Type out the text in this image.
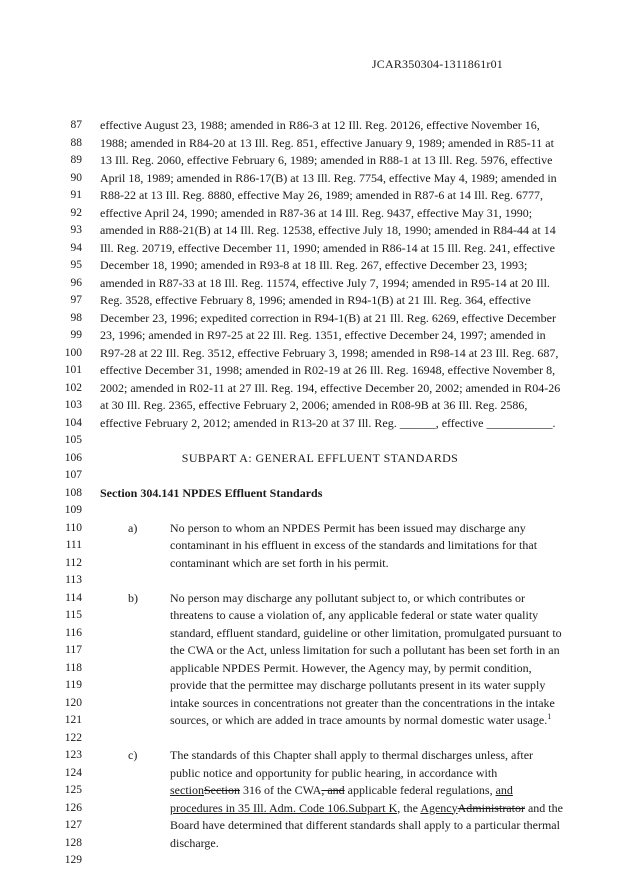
JCAR350304-1311861r01
87 effective August 23, 1988; amended in R86-3 at 12 Ill. Reg. 20126, effective November 16,
88 1988; amended in R84-20 at 13 Ill. Reg. 851, effective January 9, 1989; amended in R85-11 at
89 13 Ill. Reg. 2060, effective February 6, 1989; amended in R88-1 at 13 Ill. Reg. 5976, effective
90 April 18, 1989; amended in R86-17(B) at 13 Ill. Reg. 7754, effective May 4, 1989; amended in
91 R88-22 at 13 Ill. Reg. 8880, effective May 26, 1989; amended in R87-6 at 14 Ill. Reg. 6777,
92 effective April 24, 1990; amended in R87-36 at 14 Ill. Reg. 9437, effective May 31, 1990;
93 amended in R88-21(B) at 14 Ill. Reg. 12538, effective July 18, 1990; amended in R84-44 at 14
94 Ill. Reg. 20719, effective December 11, 1990; amended in R86-14 at 15 Ill. Reg. 241, effective
95 December 18, 1990; amended in R93-8 at 18 Ill. Reg. 267, effective December 23, 1993;
96 amended in R87-33 at 18 Ill. Reg. 11574, effective July 7, 1994; amended in R95-14 at 20 Ill.
97 Reg. 3528, effective February 8, 1996; amended in R94-1(B) at 21 Ill. Reg. 364, effective
98 December 23, 1996; expedited correction in R94-1(B) at 21 Ill. Reg. 6269, effective December
99 23, 1996; amended in R97-25 at 22 Ill. Reg. 1351, effective December 24, 1997; amended in
100 R97-28 at 22 Ill. Reg. 3512, effective February 3, 1998; amended in R98-14 at 23 Ill. Reg. 687,
101 effective December 31, 1998; amended in R02-19 at 26 Ill. Reg. 16948, effective November 8,
102 2002; amended in R02-11 at 27 Ill. Reg. 194, effective December 20, 2002; amended in R04-26
103 at 30 Ill. Reg. 2365, effective February 2, 2006; amended in R08-9B at 36 Ill. Reg. 2586,
104 effective February 2, 2012; amended in R13-20 at 37 Ill. Reg. ______, effective ___________.
105
106	SUBPART A: GENERAL EFFLUENT STANDARDS
107
108 Section 304.141 NPDES Effluent Standards
109
110	a)	No person to whom an NPDES Permit has been issued may discharge any
111	contaminant in his effluent in excess of the standards and limitations for that
112	contaminant which are set forth in his permit.
113
114	b)	No person may discharge any pollutant subject to, or which contributes or
115	threatens to cause a violation of, any applicable federal or state water quality
116	standard, effluent standard, guideline or other limitation, promulgated pursuant to
117	the CWA or the Act, unless limitation for such a pollutant has been set forth in an
118	applicable NPDES Permit. However, the Agency may, by permit condition,
119	provide that the permittee may discharge pollutants present in its water supply
120	intake sources in concentrations not greater than the concentrations in the intake
121	sources, or which are added in trace amounts by normal domestic water usage.$^1$
122
123	c)	The standards of this Chapter shall apply to thermal discharges unless, after
124	public notice and opportunity for public hearing, in accordance with
125	sectionSection 316 of the CWA, and applicable federal regulations, and
126	procedures in 35 Ill. Adm. Code 106.Subpart K, the AgencyAdministrator and the
127	Board have determined that different standards shall apply to a particular thermal
128	discharge.
129
